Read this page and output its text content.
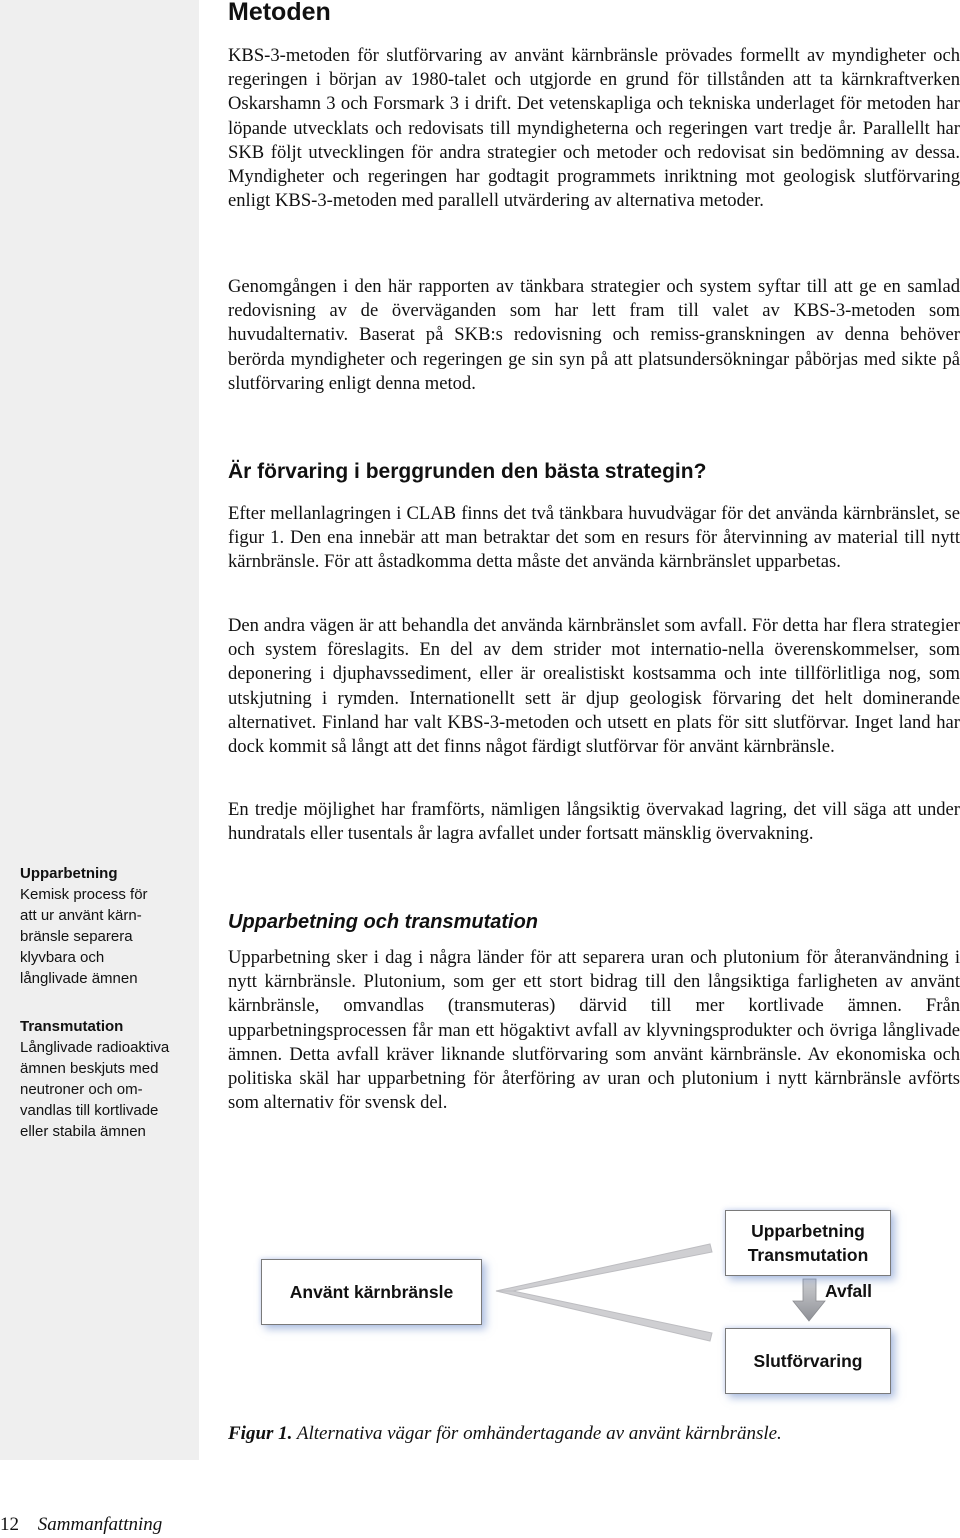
Upparbetning
Kemisk process för
att ur använt kärn-
bränsle separera
klyvbara och
långlivade ämnen
Transmutation
Långlivade radioaktiva
ämnen beskjuts med
neutroner och om-
vandlas till kortlivade
eller stabila ämnen
Metoden

KBS-3-metoden för slutförvaring av använt kärnbränsle prövades formellt av myndigheter och regeringen i början av 1980-talet och utgjorde en grund för tillstånden att ta kärnkraftverken Oskarshamn 3 och Forsmark 3 i drift. Det vetenskapliga och tekniska underlaget för metoden har löpande utvecklats och redovisats till myndigheterna och regeringen vart tredje år. Parallellt har SKB följt utvecklingen för andra strategier och metoder och redovisat sin bedömning av dessa. Myndigheter och regeringen har godtagit programmets inriktning mot geologisk slutförvaring enligt KBS-3-metoden med parallell utvärdering av alternativa metoder.

Genomgången i den här rapporten av tänkbara strategier och system syftar till att ge en samlad redovisning av de överväganden som har lett fram till valet av KBS-3-metoden som huvudalternativ. Baserat på SKB:s redovisning och remiss-granskningen av denna behöver berörda myndigheter och regeringen ge sin syn på att platsundersökningar påbörjas med sikte på slutförvaring enligt denna metod.

Är förvaring i berggrunden den bästa strategin?

Efter mellanlagringen i CLAB finns det två tänkbara huvudvägar för det använda kärnbränslet, se figur 1. Den ena innebär att man betraktar det som en resurs för återvinning av material till nytt kärnbränsle. För att åstadkomma detta måste det använda kärnbränslet upparbetas.

Den andra vägen är att behandla det använda kärnbränslet som avfall. För detta har flera strategier och system föreslagits. En del av dem strider mot internatio-nella överenskommelser, som deponering i djuphavssediment, eller är orealistiskt kostsamma och inte tillförlitliga nog, som utskjutning i rymden. Internationellt sett är djup geologisk förvaring det helt dominerande alternativet. Finland har valt KBS-3-metoden och utsett en plats för sitt slutförvar. Inget land har dock kommit så långt att det finns något färdigt slutförvar för använt kärnbränsle.

En tredje möjlighet har framförts, nämligen långsiktig övervakad lagring, det vill säga att under hundratals eller tusentals år lagra avfallet under fortsatt mänsklig övervakning.

Upparbetning och transmutation

Upparbetning sker i dag i några länder för att separera uran och plutonium för återanvändning i nytt kärnbränsle. Plutonium, som ger ett stort bidrag till den långsiktiga farligheten av använt kärnbränsle, omvandlas (transmuteras) därvid till mer kortlivade ämnen. Från upparbetningsprocessen får man ett högaktivt avfall av klyvningsprodukter och övriga långlivade ämnen. Detta avfall kräver liknande slutförvaring som använt kärnbränsle. Av ekonomiska och politiska skäl har upparbetning för återföring av uran och plutonium i nytt kärnbränsle avförts som alternativ för svensk del.

Använt kärnbränsle
Upparbetning
Transmutation
Avfall
Slutförvaring
Figur 1. Alternativa vägar för omhändertagande av använt kärnbränsle.
12 Sammanfattning
